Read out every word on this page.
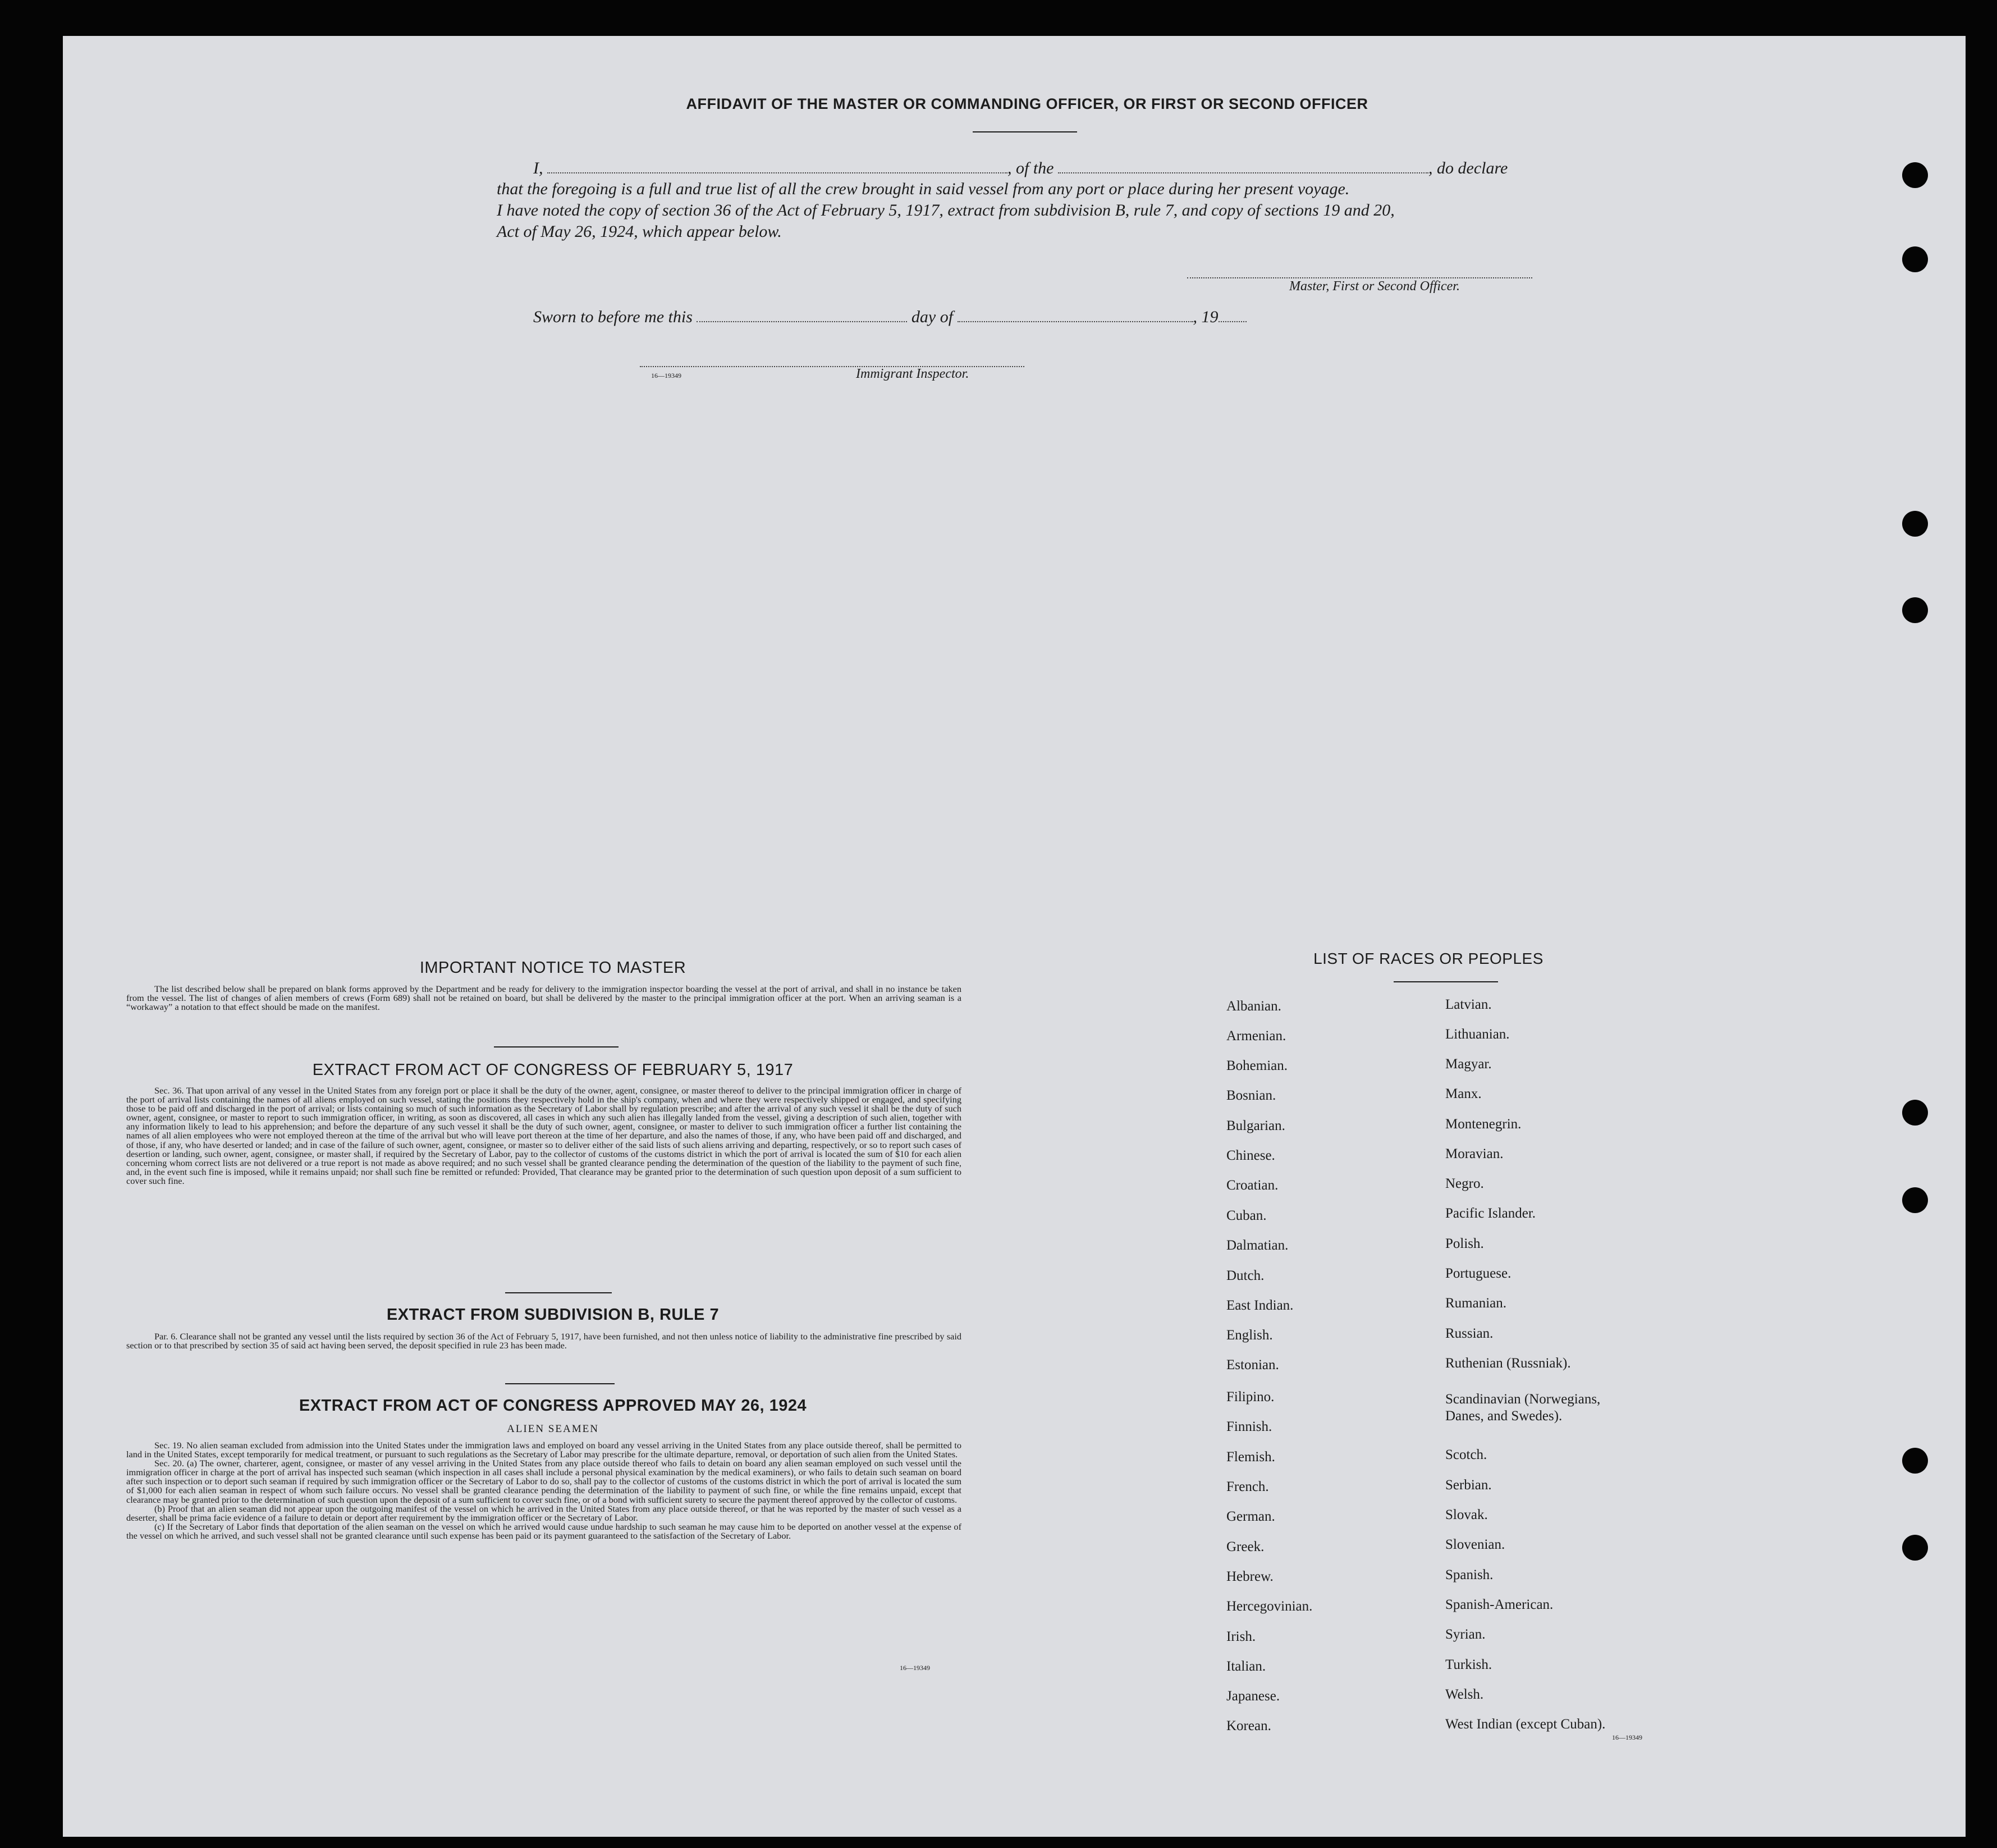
AFFIDAVIT OF THE MASTER OR COMMANDING OFFICER, OR FIRST OR SECOND OFFICER
I,	, of the	, do declare
that the foregoing is a full and true list of all the crew brought in said vessel from any port or place during her present voyage.
I have noted the copy of section 36 of the Act of February 5, 1917, extract from subdivision B, rule 7, and copy of sections 19 and 20,
Act of May 26, 1924, which appear below.
Master, First or Second Officer.
Sworn to before me this	day of	, 19
16—19349	Immigrant Inspector.
IMPORTANT NOTICE TO MASTER

The list described below shall be prepared on blank forms approved by the Department and be ready for delivery to the immigration inspector boarding the vessel at the port of arrival, and shall in no instance be taken from the vessel. The list of changes of alien members of crews (Form 689) shall not be retained on board, but shall be delivered by the master to the principal immigration officer at the port. When an arriving seaman is a “workaway” a notation to that effect should be made on the manifest.

EXTRACT FROM ACT OF CONGRESS OF FEBRUARY 5, 1917

Sec. 36. That upon arrival of any vessel in the United States from any foreign port or place it shall be the duty of the owner, agent, consignee, or master thereof to deliver to the principal immigration officer in charge of the port of arrival lists containing the names of all aliens employed on such vessel, stating the positions they respectively hold in the ship's company, when and where they were respectively shipped or engaged, and specifying those to be paid off and discharged in the port of arrival; or lists containing so much of such information as the Secretary of Labor shall by regulation prescribe; and after the arrival of any such vessel it shall be the duty of such owner, agent, consignee, or master to report to such immigration officer, in writing, as soon as discovered, all cases in which any such alien has illegally landed from the vessel, giving a description of such alien, together with any information likely to lead to his apprehension; and before the departure of any such vessel it shall be the duty of such owner, agent, consignee, or master to deliver to such immigration officer a further list containing the names of all alien employees who were not employed thereon at the time of the arrival but who will leave port thereon at the time of her departure, and also the names of those, if any, who have been paid off and discharged, and of those, if any, who have deserted or landed; and in case of the failure of such owner, agent, consignee, or master so to deliver either of the said lists of such aliens arriving and departing, respectively, or so to report such cases of desertion or landing, such owner, agent, consignee, or master shall, if required by the Secretary of Labor, pay to the collector of customs of the customs district in which the port of arrival is located the sum of $10 for each alien concerning whom correct lists are not delivered or a true report is not made as above required; and no such vessel shall be granted clearance pending the determination of the question of the liability to the payment of such fine, and, in the event such fine is imposed, while it remains unpaid; nor shall such fine be remitted or refunded: Provided, That clearance may be granted prior to the determination of such question upon deposit of a sum sufficient to cover such fine.

EXTRACT FROM SUBDIVISION B, RULE 7

Par. 6. Clearance shall not be granted any vessel until the lists required by section 36 of the Act of February 5, 1917, have been furnished, and not then unless notice of liability to the administrative fine prescribed by said section or to that prescribed by section 35 of said act having been served, the deposit specified in rule 23 has been made.

EXTRACT FROM ACT OF CONGRESS APPROVED MAY 26, 1924
ALIEN SEAMEN

Sec. 19. No alien seaman excluded from admission into the United States under the immigration laws and employed on board any vessel arriving in the United States from any place outside thereof, shall be permitted to land in the United States, except temporarily for medical treatment, or pursuant to such regulations as the Secretary of Labor may prescribe for the ultimate departure, removal, or deportation of such alien from the United States.

Sec. 20. (a) The owner, charterer, agent, consignee, or master of any vessel arriving in the United States from any place outside thereof who fails to detain on board any alien seaman employed on such vessel until the immigration officer in charge at the port of arrival has inspected such seaman (which inspection in all cases shall include a personal physical examination by the medical examiners), or who fails to detain such seaman on board after such inspection or to deport such seaman if required by such immigration officer or the Secretary of Labor to do so, shall pay to the collector of customs of the customs district in which the port of arrival is located the sum of $1,000 for each alien seaman in respect of whom such failure occurs. No vessel shall be granted clearance pending the determination of the liability to payment of such fine, or while the fine remains unpaid, except that clearance may be granted prior to the determination of such question upon the deposit of a sum sufficient to cover such fine, or of a bond with sufficient surety to secure the payment thereof approved by the collector of customs.

(b) Proof that an alien seaman did not appear upon the outgoing manifest of the vessel on which he arrived in the United States from any place outside thereof, or that he was reported by the master of such vessel as a deserter, shall be prima facie evidence of a failure to detain or deport after requirement by the immigration officer or the Secretary of Labor.

(c) If the Secretary of Labor finds that deportation of the alien seaman on the vessel on which he arrived would cause undue hardship to such seaman he may cause him to be deported on another vessel at the expense of the vessel on which he arrived, and such vessel shall not be granted clearance until such expense has been paid or its payment guaranteed to the satisfaction of the Secretary of Labor.

16—19349
LIST OF RACES OR PEOPLES
Albanian.
Armenian.
Bohemian.
Bosnian.
Bulgarian.
Chinese.
Croatian.
Cuban.
Dalmatian.
Dutch.
East Indian.
English.
Estonian.
Filipino.
Finnish.
Flemish.
French.
German.
Greek.
Hebrew.
Hercegovinian.
Irish.
Italian.
Japanese.
Korean.
Latvian.
Lithuanian.
Magyar.
Manx.
Montenegrin.
Moravian.
Negro.
Pacific Islander.
Polish.
Portuguese.
Rumanian.
Russian.
Ruthenian (Russniak).
Scandinavian (Norwegians,
Danes, and Swedes).
Scotch.
Serbian.
Slovak.
Slovenian.
Spanish.
Spanish-American.
Syrian.
Turkish.
Welsh.
West Indian (except Cuban).
16—19349
